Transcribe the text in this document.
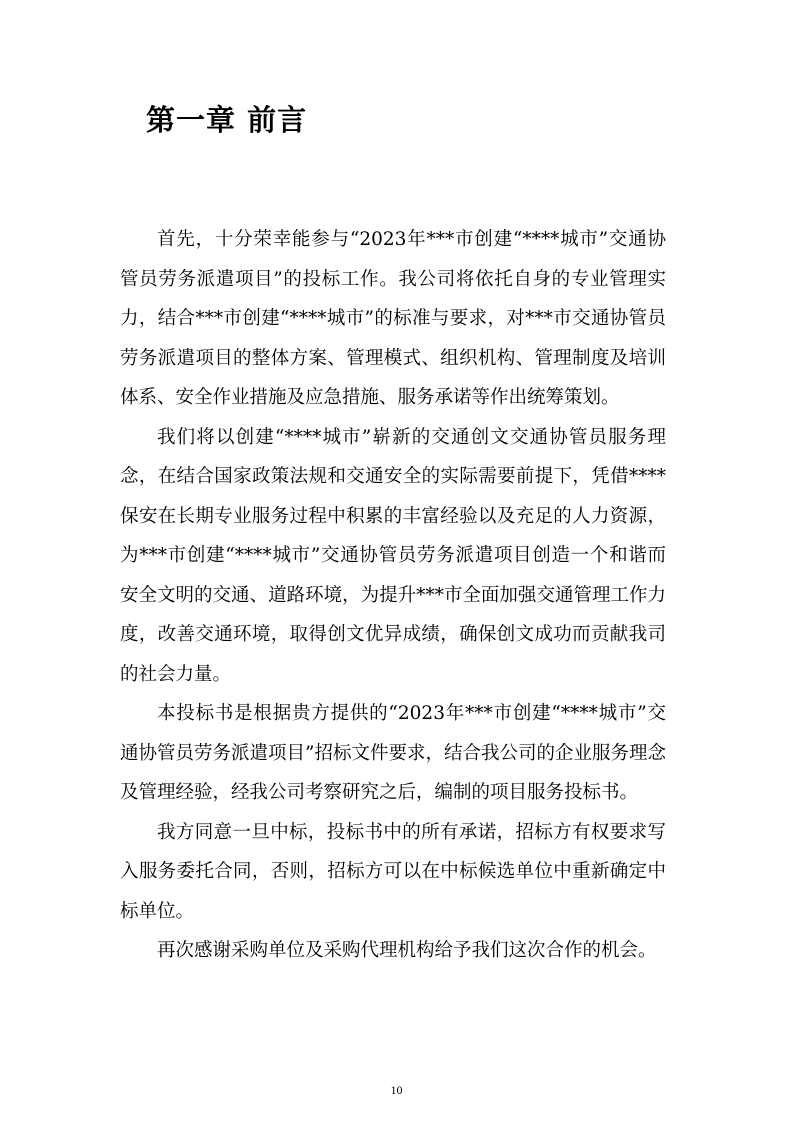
第一章 前言

首先，十分荣幸能参与“2023年***市创建“****城市”交通协管员劳务派遣项目”的投标工作。我公司将依托自身的专业管理实力，结合***市创建“****城市”的标准与要求，对***市交通协管员劳务派遣项目的整体方案、管理模式、组织机构、管理制度及培训体系、安全作业措施及应急措施、服务承诺等作出统筹策划。

我们将以创建“****城市”崭新的交通创文交通协管员服务理念，在结合国家政策法规和交通安全的实际需要前提下，凭借****保安在长期专业服务过程中积累的丰富经验以及充足的人力资源，为***市创建“****城市”交通协管员劳务派遣项目创造一个和谐而安全文明的交通、道路环境，为提升***市全面加强交通管理工作力度，改善交通环境，取得创文优异成绩，确保创文成功而贡献我司的社会力量。

本投标书是根据贵方提供的“2023年***市创建“****城市”交通协管员劳务派遣项目”招标文件要求，结合我公司的企业服务理念及管理经验，经我公司考察研究之后，编制的项目服务投标书。

我方同意一旦中标，投标书中的所有承诺，招标方有权要求写入服务委托合同，否则，招标方可以在中标候选单位中重新确定中标单位。

再次感谢采购单位及采购代理机构给予我们这次合作的机会。

10
